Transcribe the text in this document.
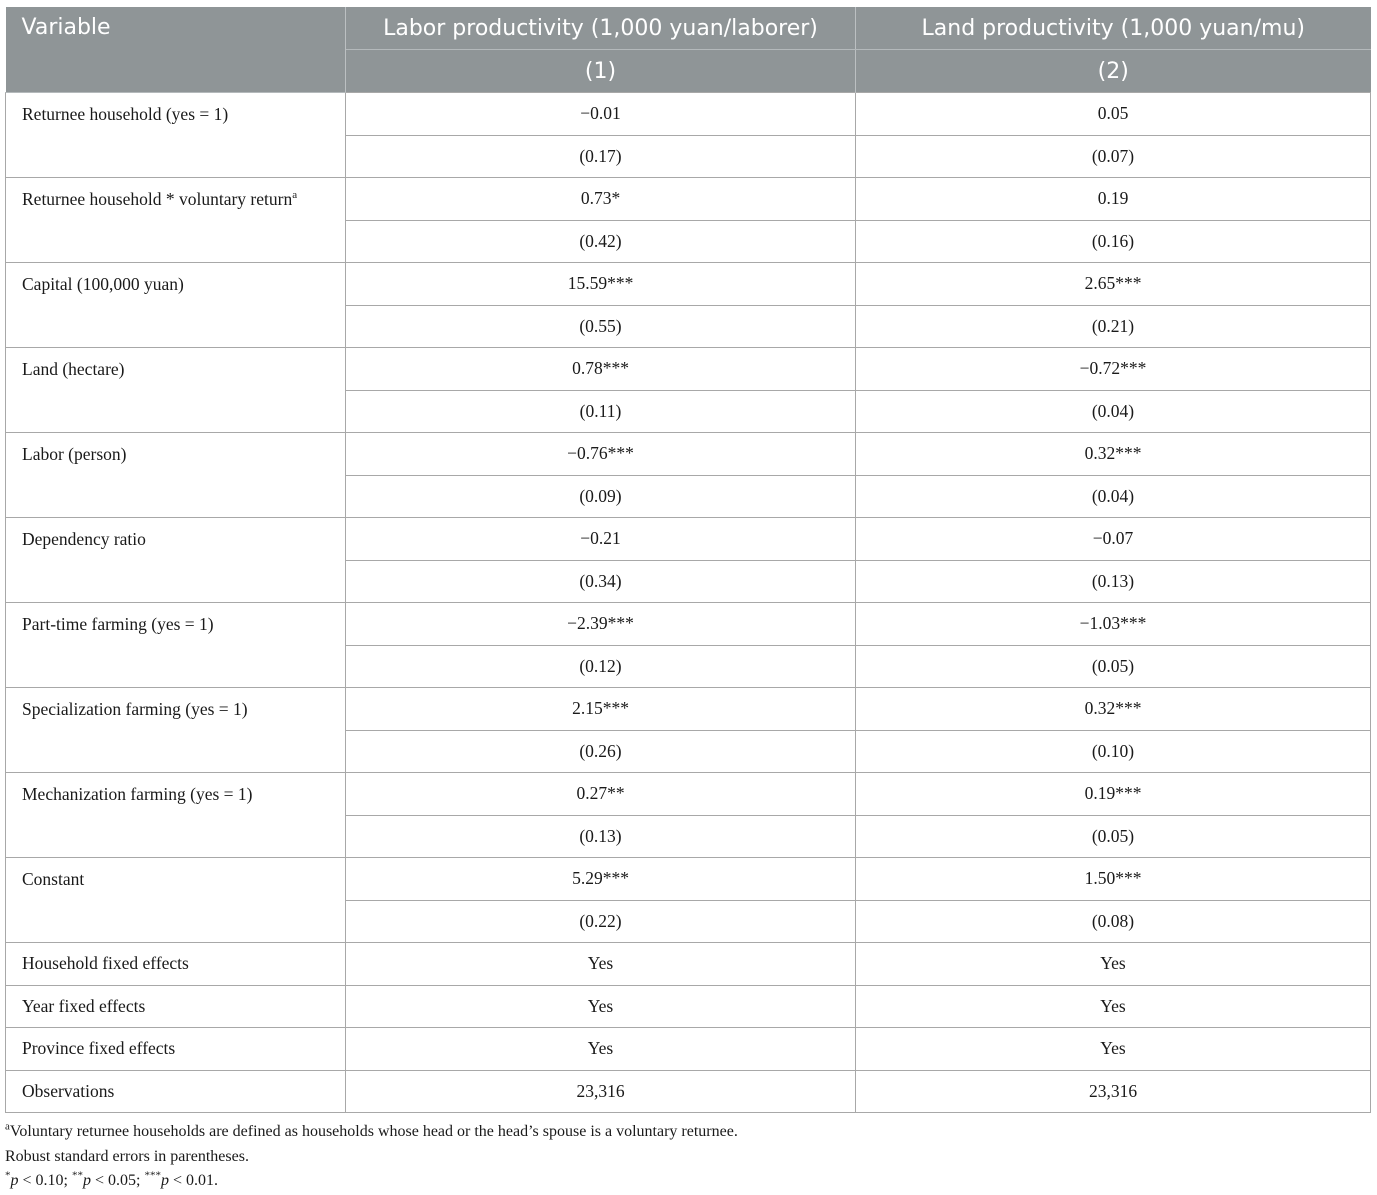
Variable	Labor productivity (1,000 yuan/laborer)	Land productivity (1,000 yuan/mu)
	(1)	(2)
Returnee household (yes = 1)	−0.01	0.05
	(0.17)	(0.07)
Returnee household * voluntary return$^a$	0.73*	0.19
	(0.42)	(0.16)
Capital (100,000 yuan)	15.59***	2.65***
	(0.55)	(0.21)
Land (hectare)	0.78***	−0.72***
	(0.11)	(0.04)
Labor (person)	−0.76***	0.32***
	(0.09)	(0.04)
Dependency ratio	−0.21	−0.07
	(0.34)	(0.13)
Part-time farming (yes = 1)	−2.39***	−1.03***
	(0.12)	(0.05)
Specialization farming (yes = 1)	2.15***	0.32***
	(0.26)	(0.10)
Mechanization farming (yes = 1)	0.27**	0.19***
	(0.13)	(0.05)
Constant	5.29***	1.50***
	(0.22)	(0.08)
Household fixed effects	Yes	Yes
Year fixed effects	Yes	Yes
Province fixed effects	Yes	Yes
Observations	23,316	23,316
$^a$Voluntary returnee households are defined as households whose head or the head’s spouse is a voluntary returnee.
Robust standard errors in parentheses.
*p < 0.10; **p < 0.05; ***p < 0.01.
